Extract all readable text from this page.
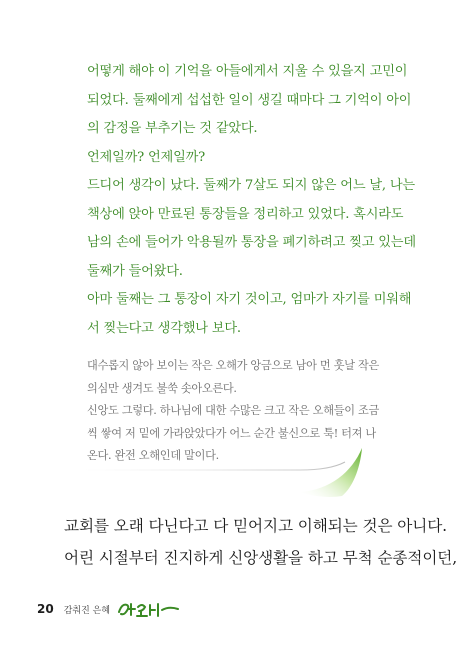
어떻게 해야 이 기억을 아들에게서 지울 수 있을지 고민이

되었다. 둘째에게 섭섭한 일이 생길 때마다 그 기억이 아이

의 감정을 부추기는 것 같았다.

언제일까? 언제일까?

드디어 생각이 났다. 둘째가 7살도 되지 않은 어느 날, 나는

책상에 앉아 만료된 통장들을 정리하고 있었다. 혹시라도

남의 손에 들어가 악용될까 통장을 폐기하려고 찢고 있는데

둘째가 들어왔다.

아마 둘째는 그 통장이 자기 것이고, 엄마가 자기를 미워해

서 찢는다고 생각했나 보다.

대수롭지 않아 보이는 작은 오해가 앙금으로 남아 먼 훗날 작은

의심만 생겨도 불쑥 솟아오른다.

신앙도 그렇다. 하나님에 대한 수많은 크고 작은 오해들이 조금

씩 쌓여 저 밑에 가라앉았다가 어느 순간 불신으로 툭! 터져 나

온다. 완전 오해인데 말이다.

교회를 오래 다닌다고 다 믿어지고 이해되는 것은 아니다.

어린 시절부터 진지하게 신앙생활을 하고 무척 순종적이던,

20 감춰진 은혜
